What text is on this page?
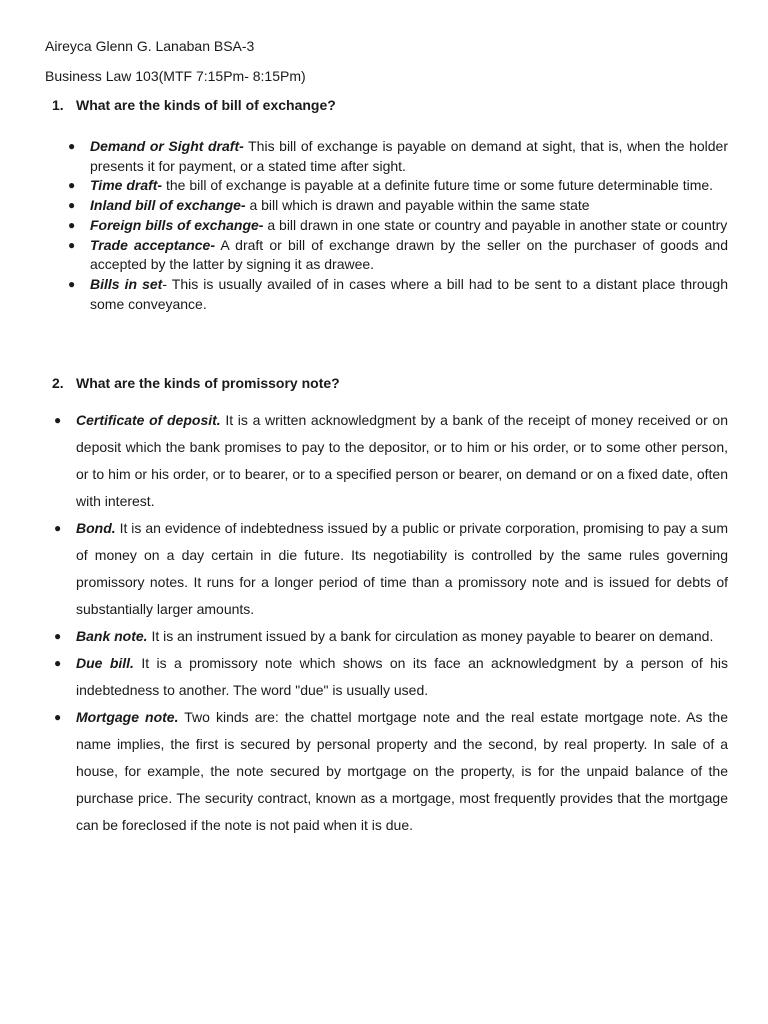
Aireyca Glenn G. Lanaban BSA-3
Business Law 103(MTF 7:15Pm- 8:15Pm)
1. What are the kinds of bill of exchange?
● Demand or Sight draft- This bill of exchange is payable on demand at sight, that is, when the holder presents it for payment, or a stated time after sight.
● Time draft- the bill of exchange is payable at a definite future time or some future determinable time.
● Inland bill of exchange- a bill which is drawn and payable within the same state
● Foreign bills of exchange- a bill drawn in one state or country and payable in another state or country
● Trade acceptance- A draft or bill of exchange drawn by the seller on the purchaser of goods and accepted by the latter by signing it as drawee.
● Bills in set- This is usually availed of in cases where a bill had to be sent to a distant place through some conveyance.
2. What are the kinds of promissory note?
● Certificate of deposit. It is a written acknowledgment by a bank of the receipt of money received or on deposit which the bank promises to pay to the depositor, or to him or his order, or to some other person, or to him or his order, or to bearer, or to a specified person or bearer, on demand or on a fixed date, often with interest.
● Bond. It is an evidence of indebtedness issued by a public or private corporation, promising to pay a sum of money on a day certain in die future. Its negotiability is controlled by the same rules governing promissory notes. It runs for a longer period of time than a promissory note and is issued for debts of substantially larger amounts.
● Bank note. It is an instrument issued by a bank for circulation as money payable to bearer on demand.
● Due bill. It is a promissory note which shows on its face an acknowledgment by a person of his indebtedness to another. The word "due" is usually used.
● Mortgage note. Two kinds are: the chattel mortgage note and the real estate mortgage note. As the name implies, the first is secured by personal property and the second, by real property. In sale of a house, for example, the note secured by mortgage on the property, is for the unpaid balance of the purchase price. The security contract, known as a mortgage, most frequently provides that the mortgage can be foreclosed if the note is not paid when it is due.
